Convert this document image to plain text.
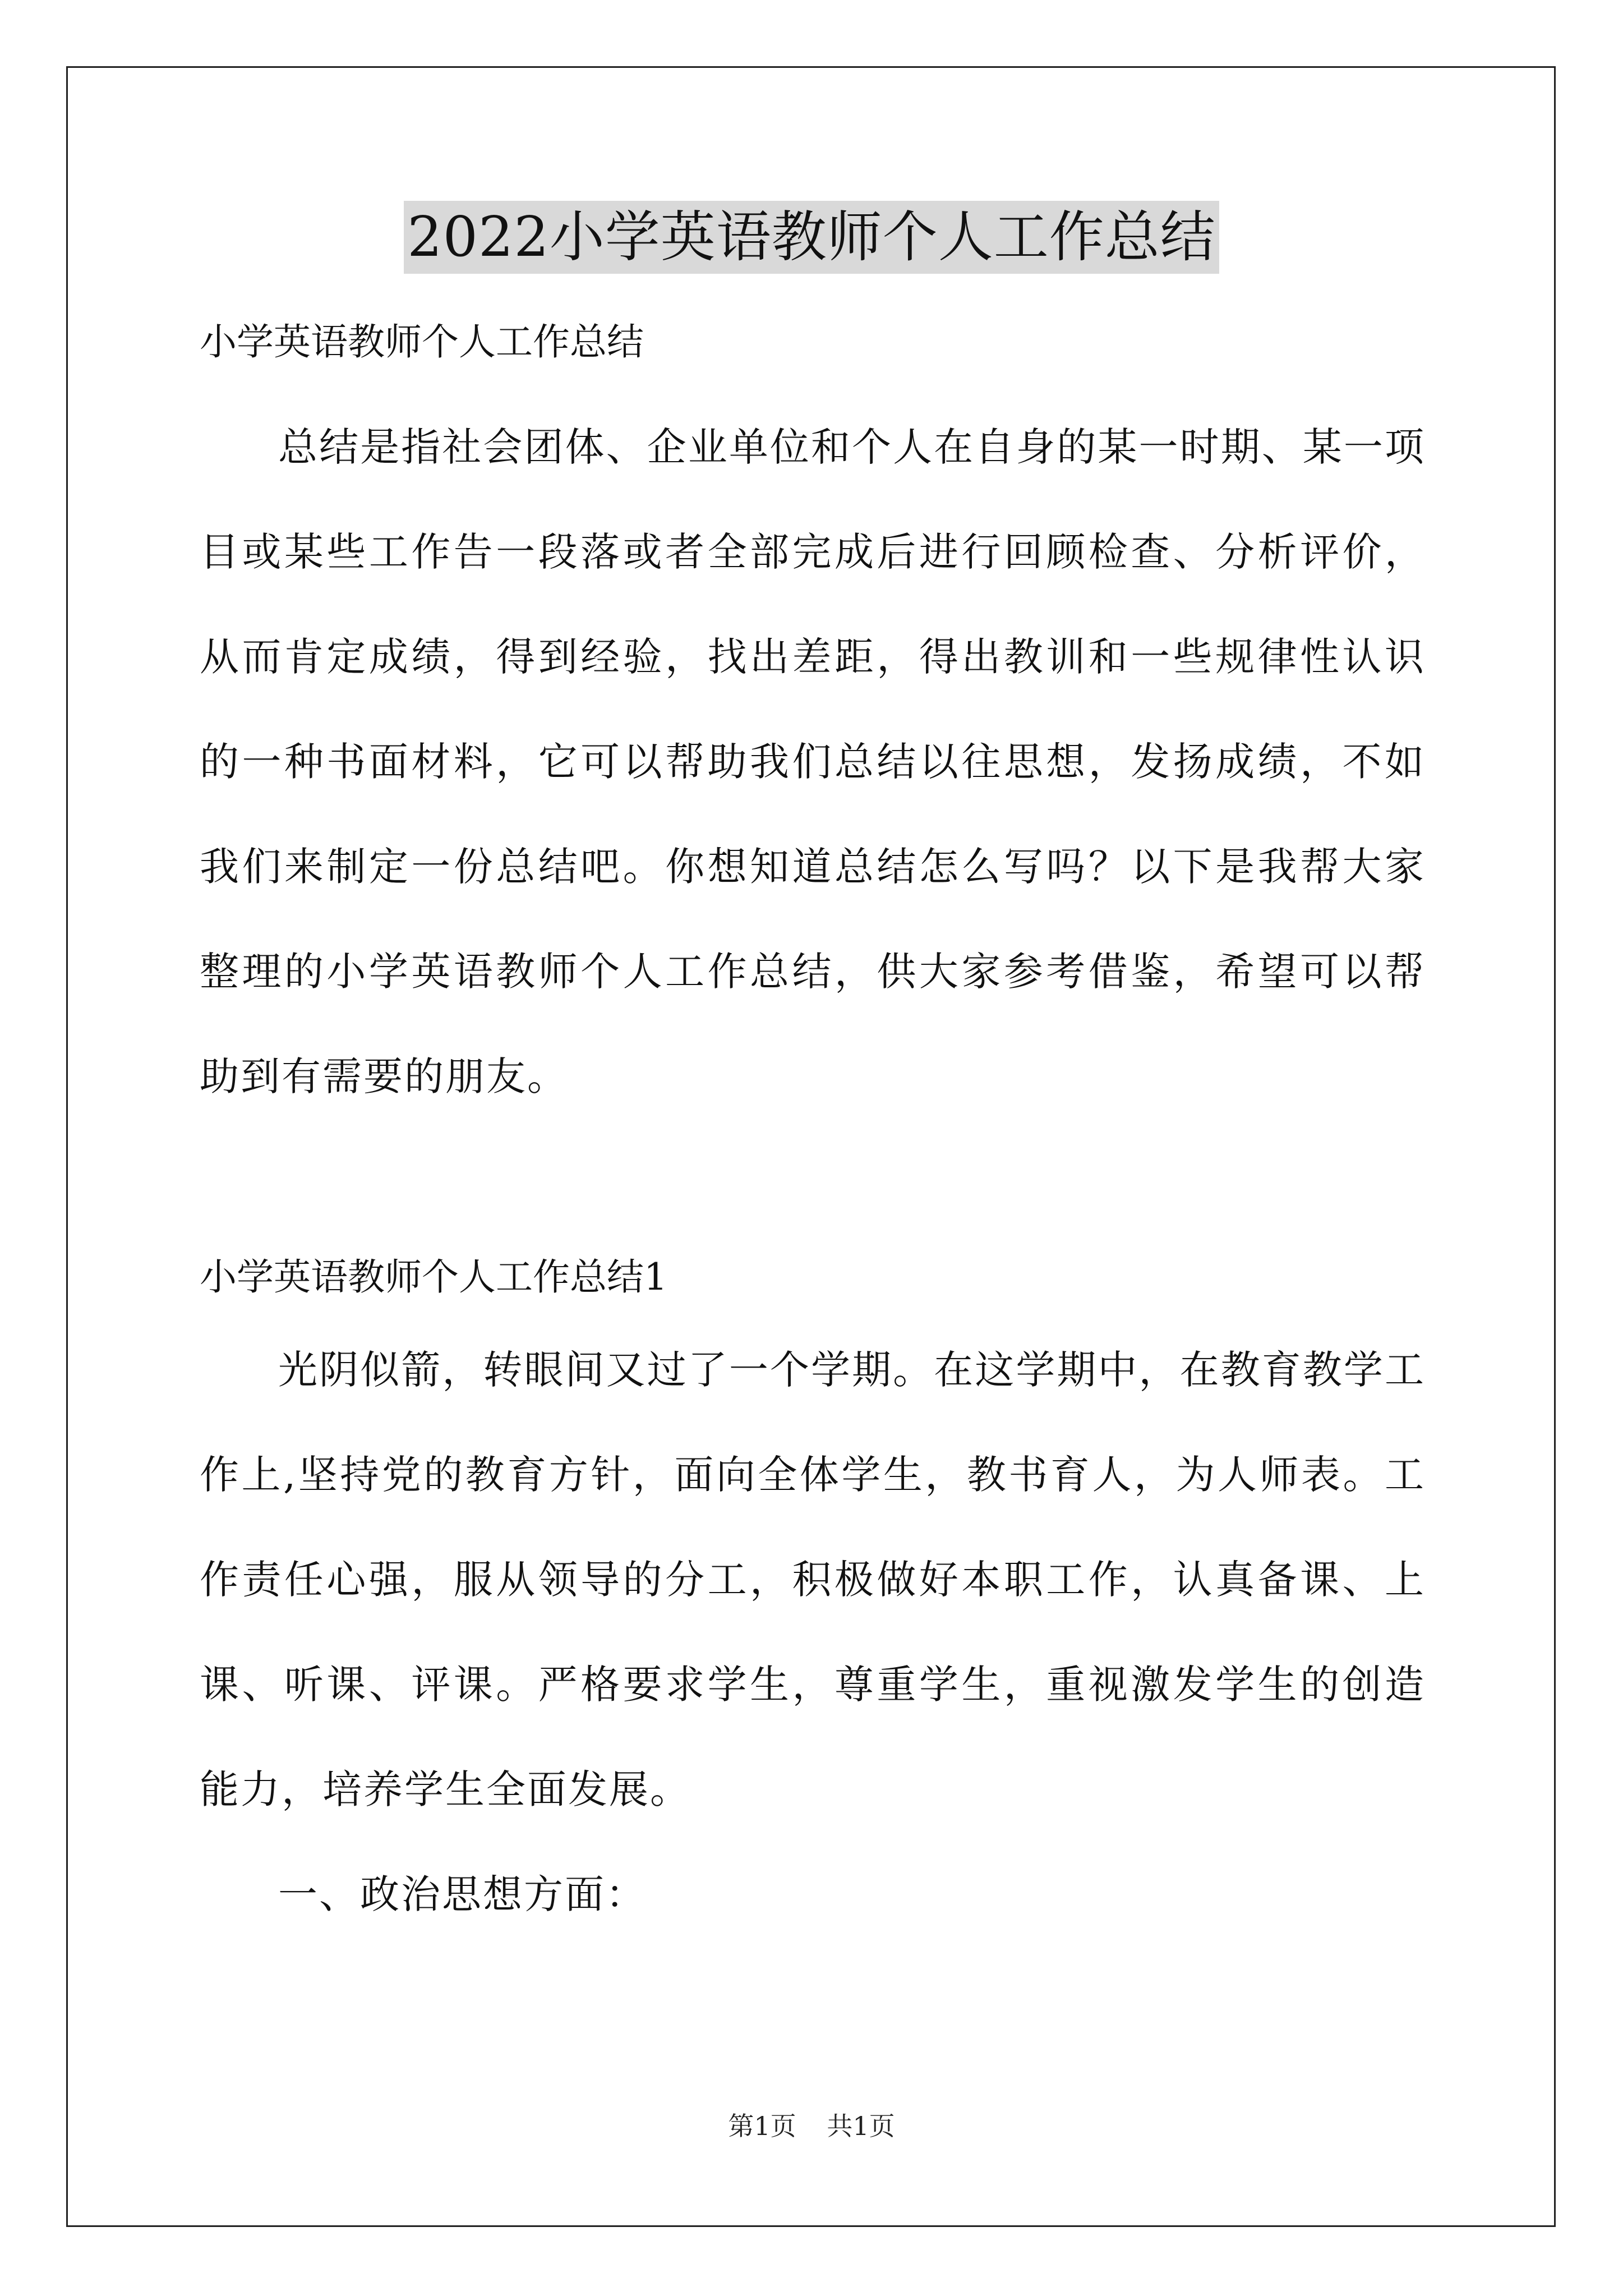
2022小学英语教师个人工作总结
小学英语教师个人工作总结

总结是指社会团体、企业单位和个人在自身的某一时期、某一项目或某些工作告一段落或者全部完成后进行回顾检查、分析评价，从而肯定成绩，得到经验，找出差距，得出教训和一些规律性认识的一种书面材料，它可以帮助我们总结以往思想，发扬成绩，不如我们来制定一份总结吧。你想知道总结怎么写吗？以下是我帮大家整理的小学英语教师个人工作总结，供大家参考借鉴，希望可以帮助到有需要的朋友。

小学英语教师个人工作总结1

光阴似箭，转眼间又过了一个学期。在这学期中，在教育教学工作上,坚持党的教育方针，面向全体学生，教书育人，为人师表。工作责任心强，服从领导的分工，积极做好本职工作，认真备课、上课、听课、评课。严格要求学生，尊重学生，重视激发学生的创造能力，培养学生全面发展。

一、政治思想方面：

第1页 共1页
